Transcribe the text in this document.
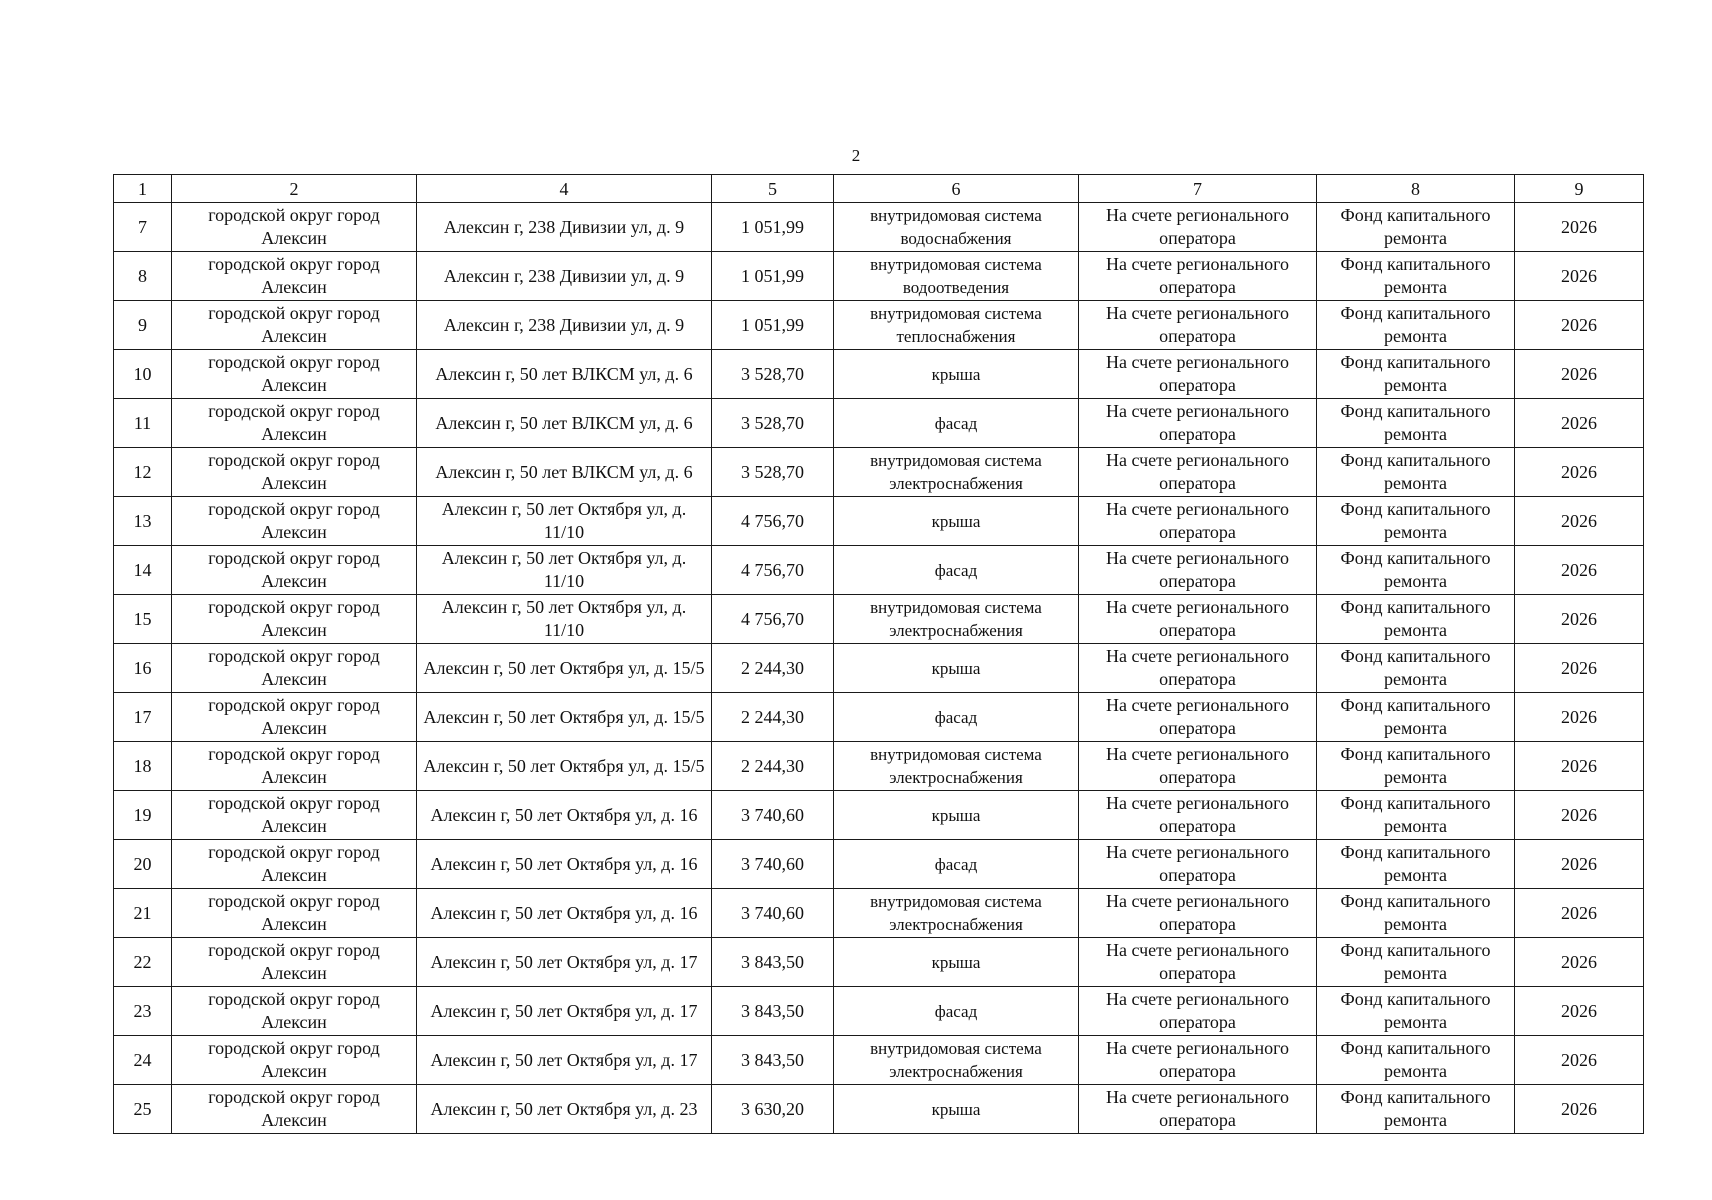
2
1	2	4	5	6	7	8	9
7	городской округ город Алексин	Алексин г, 238 Дивизии ул, д. 9	1 051,99	внутридомовая система водоснабжения	На счете регионального оператора	Фонд капитального ремонта	2026
8	городской округ город Алексин	Алексин г, 238 Дивизии ул, д. 9	1 051,99	внутридомовая система водоотведения	На счете регионального оператора	Фонд капитального ремонта	2026
9	городской округ город Алексин	Алексин г, 238 Дивизии ул, д. 9	1 051,99	внутридомовая система теплоснабжения	На счете регионального оператора	Фонд капитального ремонта	2026
10	городской округ город Алексин	Алексин г, 50 лет ВЛКСМ ул, д. 6	3 528,70	крыша	На счете регионального оператора	Фонд капитального ремонта	2026
11	городской округ город Алексин	Алексин г, 50 лет ВЛКСМ ул, д. 6	3 528,70	фасад	На счете регионального оператора	Фонд капитального ремонта	2026
12	городской округ город Алексин	Алексин г, 50 лет ВЛКСМ ул, д. 6	3 528,70	внутридомовая система электроснабжения	На счете регионального оператора	Фонд капитального ремонта	2026
13	городской округ город Алексин	Алексин г, 50 лет Октября ул, д. 11/10	4 756,70	крыша	На счете регионального оператора	Фонд капитального ремонта	2026
14	городской округ город Алексин	Алексин г, 50 лет Октября ул, д. 11/10	4 756,70	фасад	На счете регионального оператора	Фонд капитального ремонта	2026
15	городской округ город Алексин	Алексин г, 50 лет Октября ул, д. 11/10	4 756,70	внутридомовая система электроснабжения	На счете регионального оператора	Фонд капитального ремонта	2026
16	городской округ город Алексин	Алексин г, 50 лет Октября ул, д. 15/5	2 244,30	крыша	На счете регионального оператора	Фонд капитального ремонта	2026
17	городской округ город Алексин	Алексин г, 50 лет Октября ул, д. 15/5	2 244,30	фасад	На счете регионального оператора	Фонд капитального ремонта	2026
18	городской округ город Алексин	Алексин г, 50 лет Октября ул, д. 15/5	2 244,30	внутридомовая система электроснабжения	На счете регионального оператора	Фонд капитального ремонта	2026
19	городской округ город Алексин	Алексин г, 50 лет Октября ул, д. 16	3 740,60	крыша	На счете регионального оператора	Фонд капитального ремонта	2026
20	городской округ город Алексин	Алексин г, 50 лет Октября ул, д. 16	3 740,60	фасад	На счете регионального оператора	Фонд капитального ремонта	2026
21	городской округ город Алексин	Алексин г, 50 лет Октября ул, д. 16	3 740,60	внутридомовая система электроснабжения	На счете регионального оператора	Фонд капитального ремонта	2026
22	городской округ город Алексин	Алексин г, 50 лет Октября ул, д. 17	3 843,50	крыша	На счете регионального оператора	Фонд капитального ремонта	2026
23	городской округ город Алексин	Алексин г, 50 лет Октября ул, д. 17	3 843,50	фасад	На счете регионального оператора	Фонд капитального ремонта	2026
24	городской округ город Алексин	Алексин г, 50 лет Октября ул, д. 17	3 843,50	внутридомовая система электроснабжения	На счете регионального оператора	Фонд капитального ремонта	2026
25	городской округ город Алексин	Алексин г, 50 лет Октября ул, д. 23	3 630,20	крыша	На счете регионального оператора	Фонд капитального ремонта	2026
